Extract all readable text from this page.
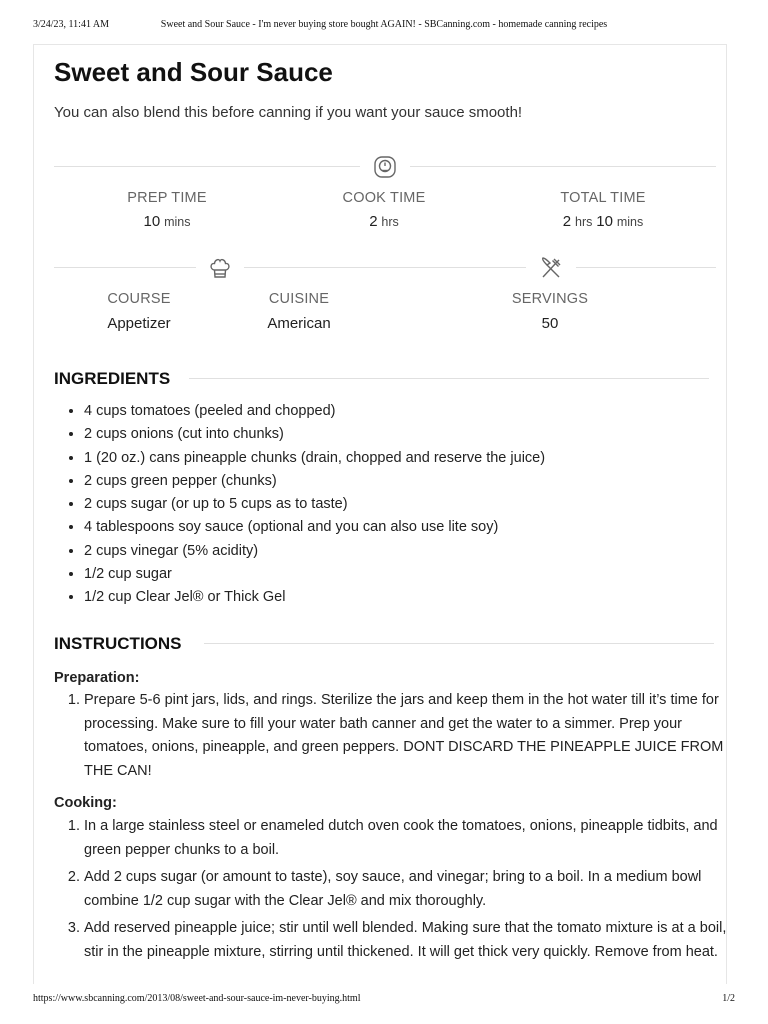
3/24/23, 11:41 AM	Sweet and Sour Sauce - I'm never buying store bought AGAIN! - SBCanning.com - homemade canning recipes
Sweet and Sour Sauce
You can also blend this before canning if you want your sauce smooth!
PREP TIME
10 mins
COOK TIME
2 hrs
TOTAL TIME
2 hrs 10 mins
COURSE
Appetizer
CUISINE
American
SERVINGS
50
INGREDIENTS
• 4 cups tomatoes (peeled and chopped)
• 2 cups onions (cut into chunks)
• 1 (20 oz.) cans pineapple chunks (drain, chopped and reserve the juice)
• 2 cups green pepper (chunks)
• 2 cups sugar (or up to 5 cups as to taste)
• 4 tablespoons soy sauce (optional and you can also use lite soy)
• 2 cups vinegar (5% acidity)
• 1/2 cup sugar
• 1/2 cup Clear Jel® or Thick Gel
INSTRUCTIONS
Preparation:
1. Prepare 5-6 pint jars, lids, and rings. Sterilize the jars and keep them in the hot water till it’s time for processing. Make sure to fill your water bath canner and get the water to a simmer. Prep your tomatoes, onions, pineapple, and green peppers. DONT DISCARD THE PINEAPPLE JUICE FROM THE CAN!
Cooking:
1. In a large stainless steel or enameled dutch oven cook the tomatoes, onions, pineapple tidbits, and green pepper chunks to a boil.
2. Add 2 cups sugar (or amount to taste), soy sauce, and vinegar; bring to a boil. In a medium bowl combine 1/2 cup sugar with the Clear Jel® and mix thoroughly.
3. Add reserved pineapple juice; stir until well blended. Making sure that the tomato mixture is at a boil, stir in the pineapple mixture, stirring until thickened. It will get thick very quickly. Remove from heat.
https://www.sbcanning.com/2013/08/sweet-and-sour-sauce-im-never-buying.html	1/2
